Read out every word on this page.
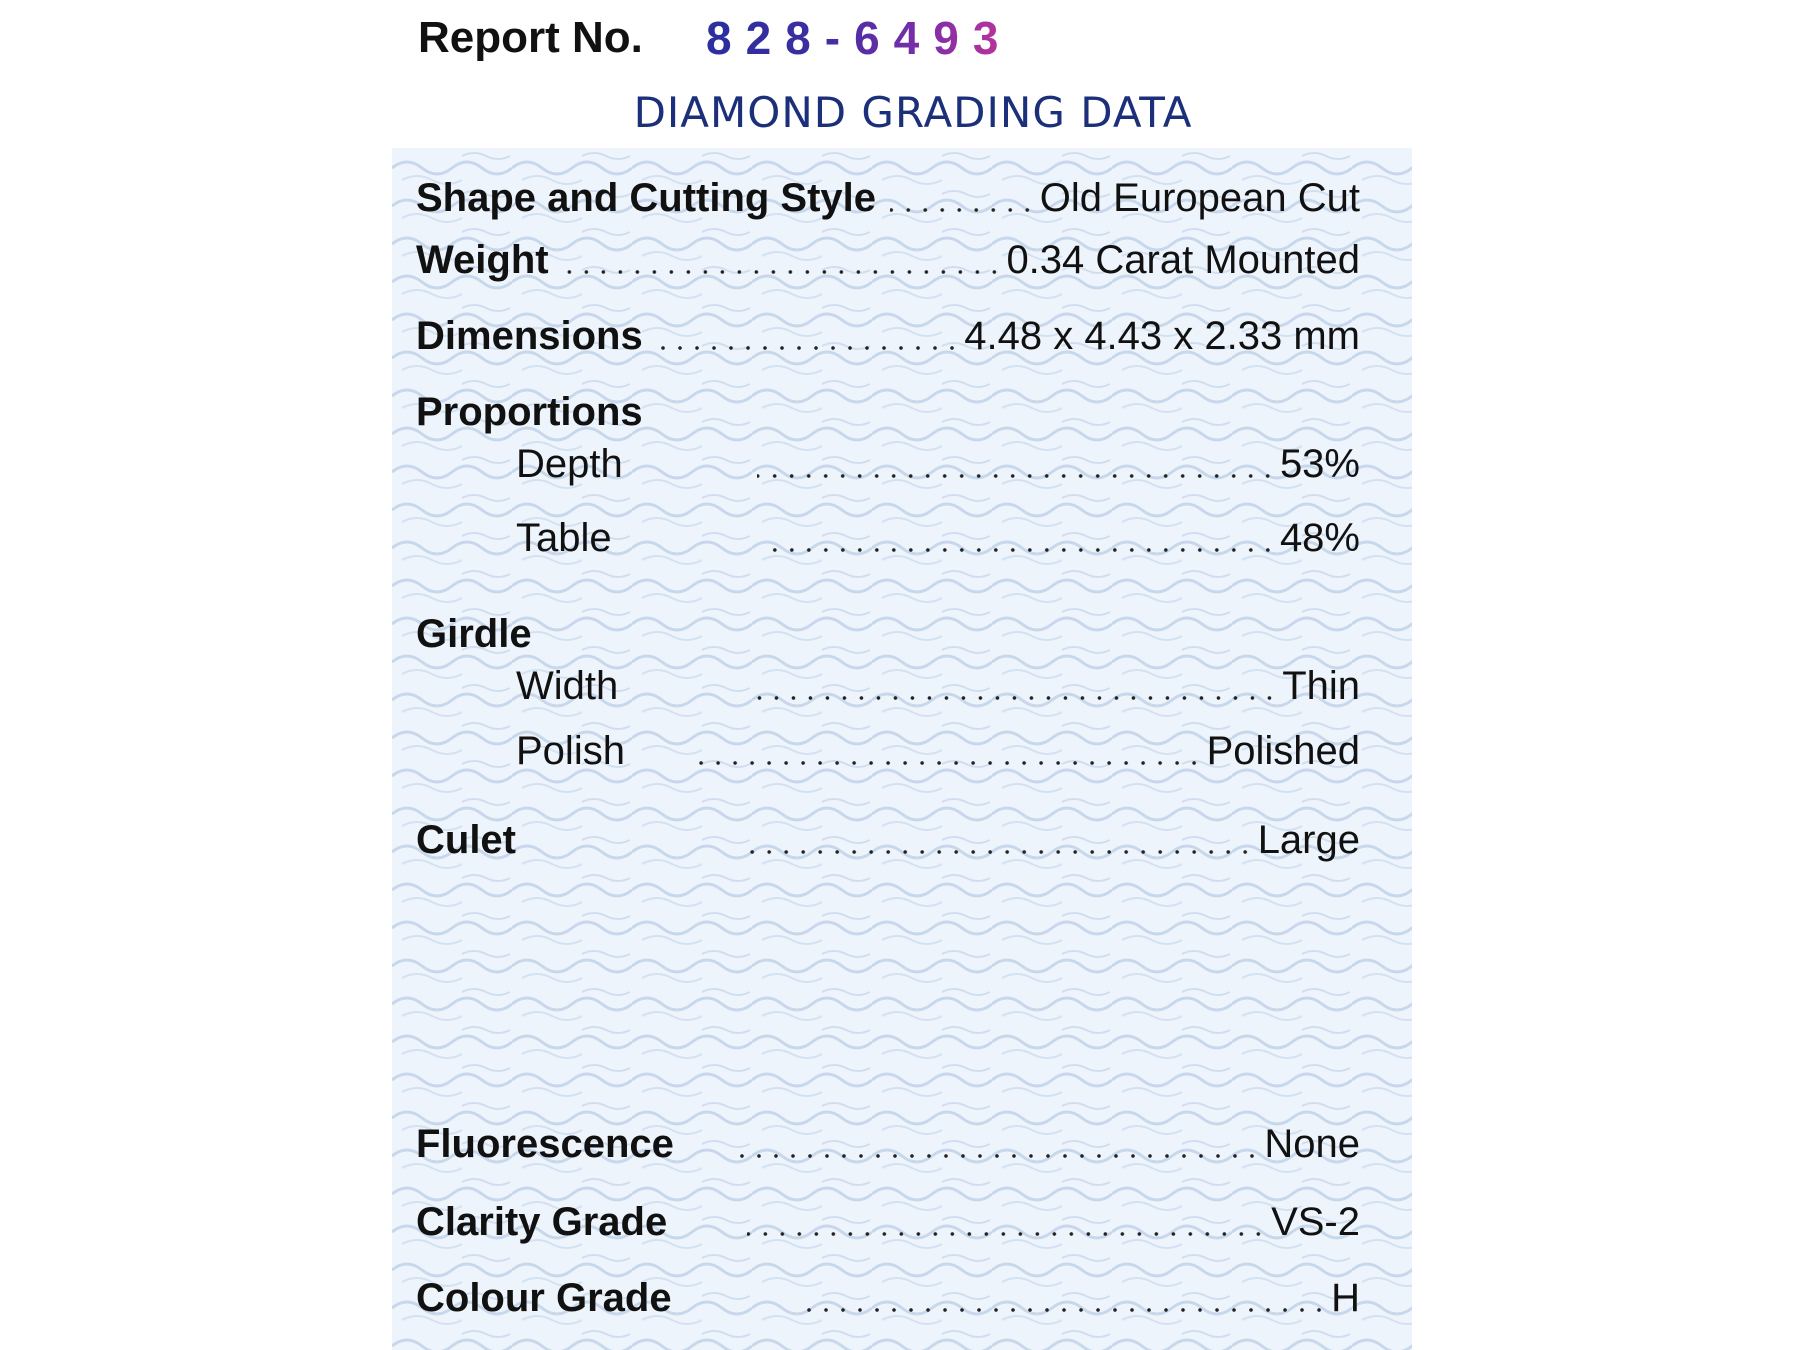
Report No. 828-6493
DIAMOND GRADING DATA
Shape and Cutting Style	Old European Cut
Weight	0.34 Carat Mounted
Dimensions	4.48 x 4.43 x 2.33 mm
Proportions
Depth	53%
Table	48%
Girdle
Width	Thin
Polish	Polished
Culet	Large
Fluorescence	None
Clarity Grade	VS-2
Colour Grade	H
